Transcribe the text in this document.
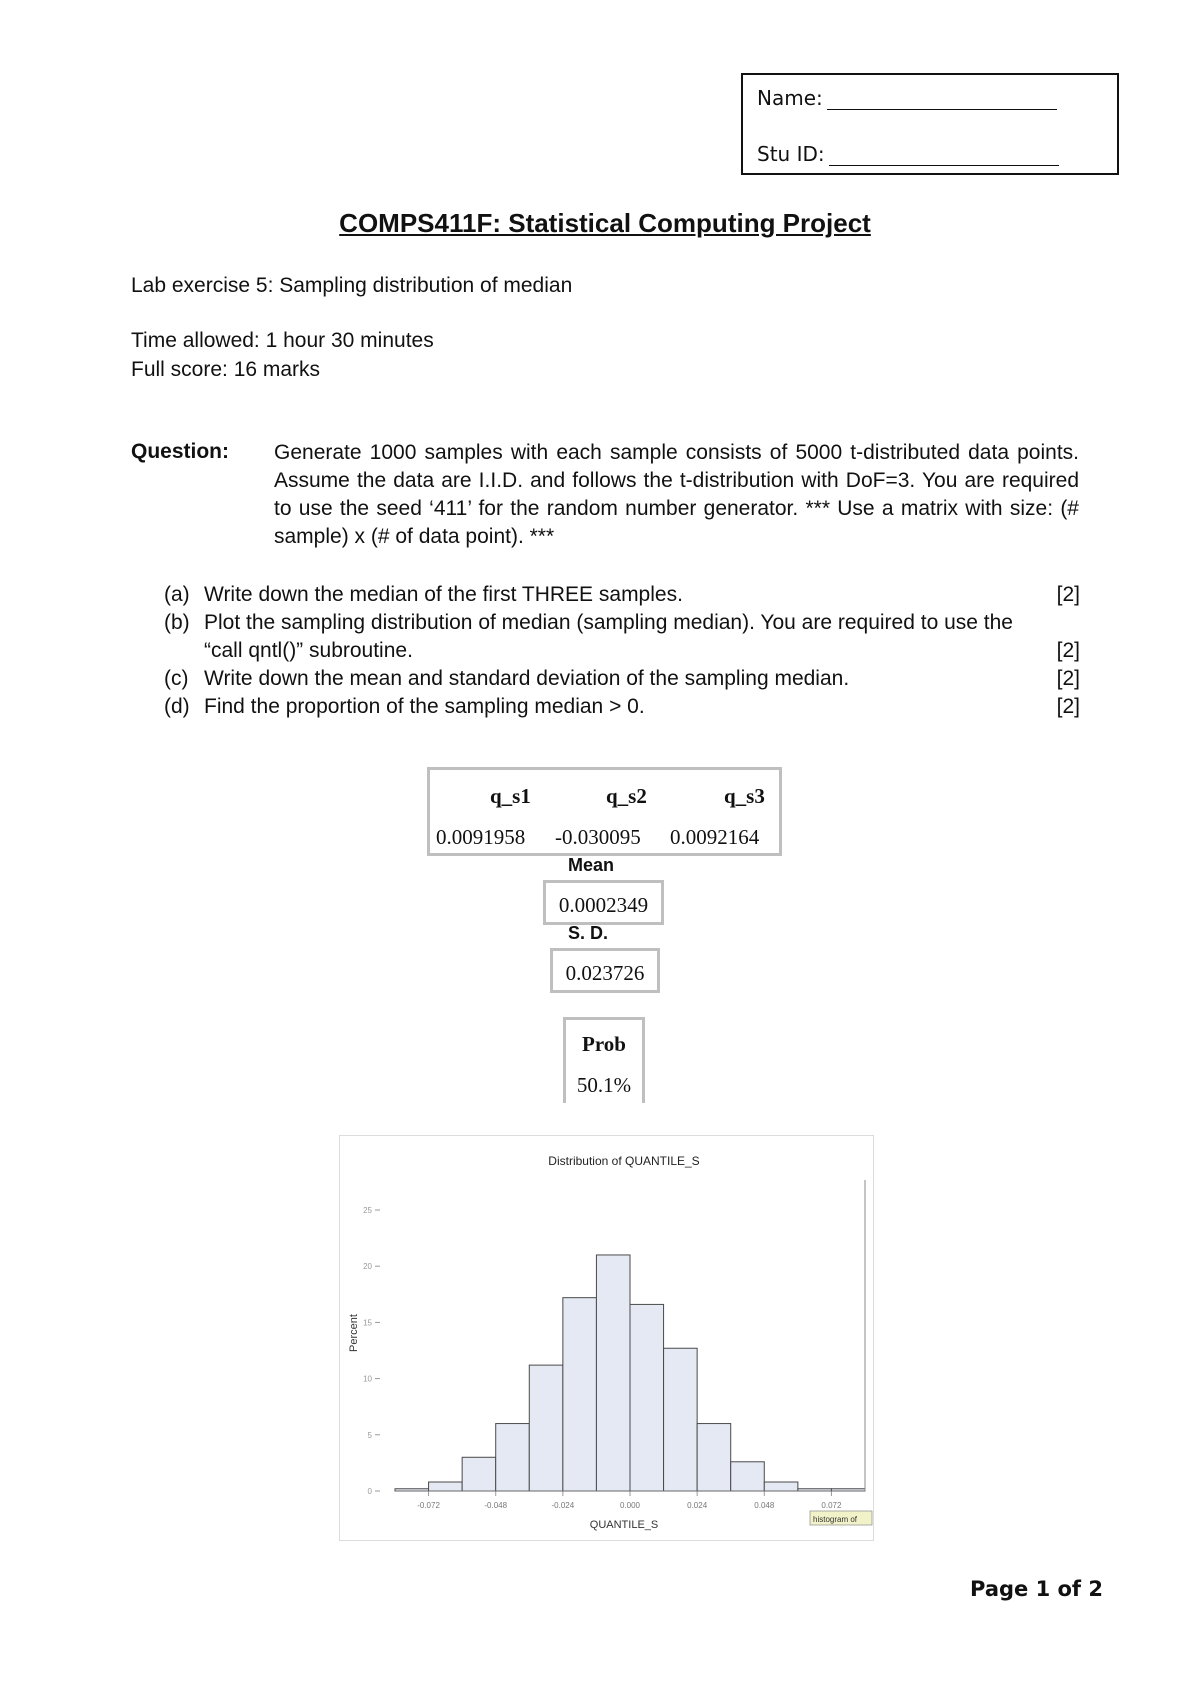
Name:
Stu ID:
COMPS411F: Statistical Computing Project
Lab exercise 5: Sampling distribution of median
Time allowed: 1 hour 30 minutes
Full score: 16 marks
Question: Generate 1000 samples with each sample consists of 5000 t-distributed data points. Assume the data are I.I.D. and follows the t-distribution with DoF=3. You are required to use the seed ‘411’ for the random number generator. *** Use a matrix with size: (# sample) x (# of data point). ***
(a) Write down the median of the first THREE samples.	[2]
(b) Plot the sampling distribution of median (sampling median). You are required to use the “call qntl()” subroutine.	[2]
(c) Write down the mean and standard deviation of the sampling median.	[2]
(d) Find the proportion of the sampling median > 0.	[2]
q_s1	q_s2	q_s3
0.0091958 -0.030095 0.0092164
Mean
0.0002349
S. D.
0.023726
Prob
50.1%
Distribution of QUANTILE_S
QUANTILE_S
Percent
0
5
10
15
20
25
-0.072	-0.048	-0.024	0.000	0.024	0.048	0.072
histogram of
Page 1 of 2
